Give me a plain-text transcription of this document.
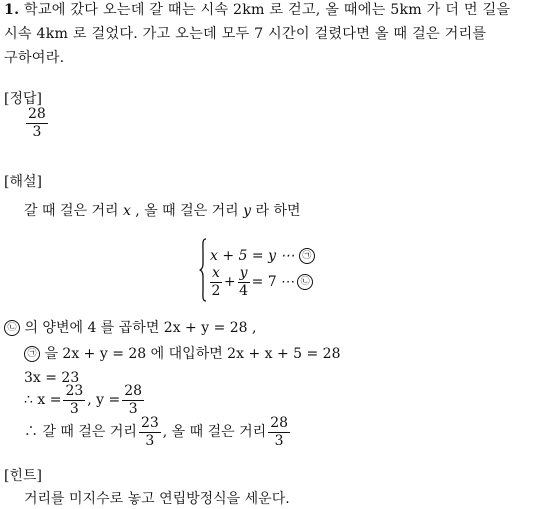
1. 학교에 갔다 오는데 갈 때는 시속 2km 로 걷고, 올 때에는 5km 가 더 먼 길을
시속 4km 로 걸었다. 가고 오는데 모두 7 시간이 걸렸다면 올 때 걸은 거리를
구하여라.
[정답]
$\frac{28}{3}$
[해설]
갈 때 걸은 거리 x , 올 때 걸은 거리 y 라 하면
x + 5 = y ⋯ ㉠
$\frac{x}{2} + \frac{y}{4} = 7$ ⋯ ㉡
㉡ 의 양변에 4 를 곱하면 2x + y = 28 ,
㉠ 을 2x + y = 28 에 대입하면 2x + x + 5 = 28
3x = 23
∴ $x = \frac{23}{3}$ , $y = \frac{28}{3}$
∴ 갈 때 걸은 거리 $\frac{23}{3}$ , 올 때 걸은 거리 $\frac{28}{3}$
[힌트]
거리를 미지수로 놓고 연립방정식을 세운다.
